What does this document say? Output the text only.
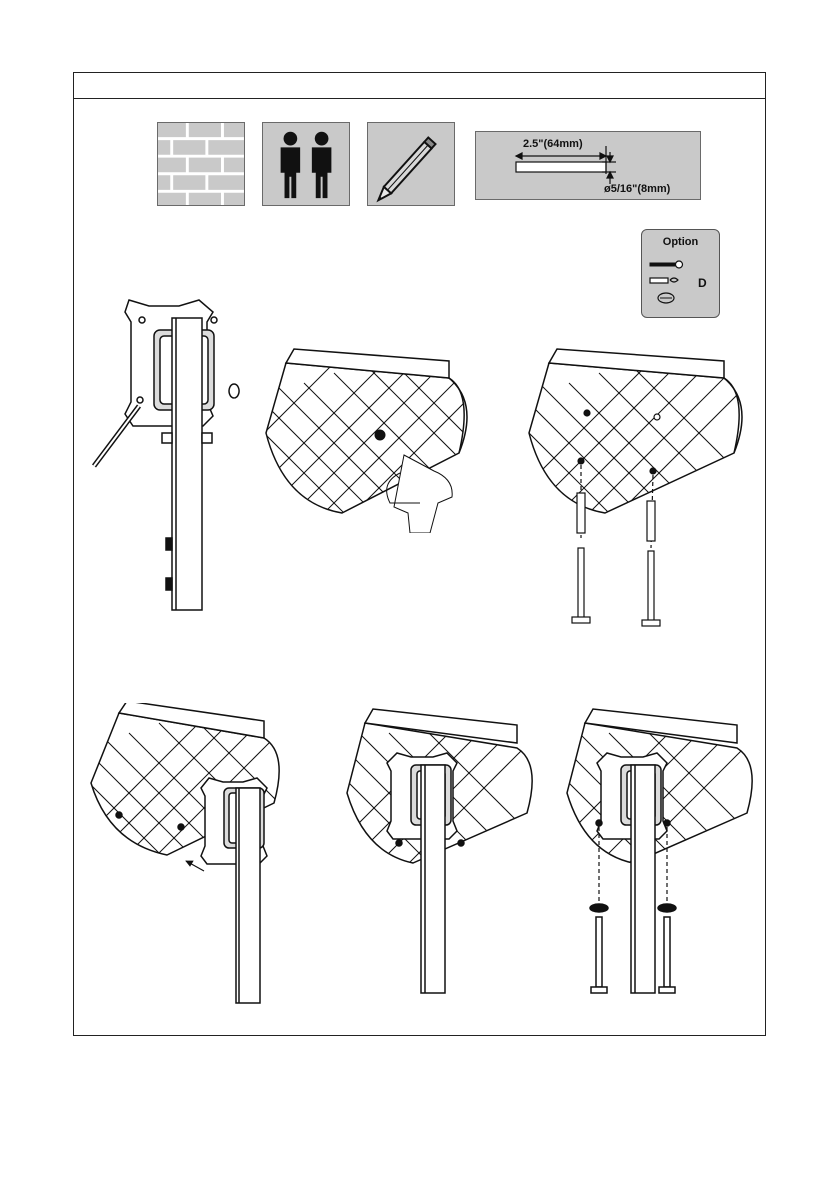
2.5"(64mm)
ø5/16"(8mm)
Option
D
